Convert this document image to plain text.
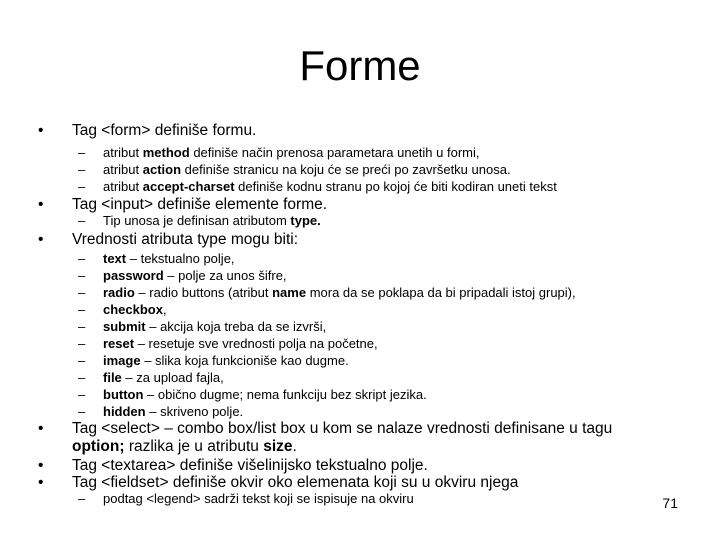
Forme
•	Tag <form> definiše formu.
–	atribut method definiše način prenosa parametara unetih u formi,
–	atribut action definiše stranicu na koju će se preći po završetku unosa.
–	atribut accept-charset definiše kodnu stranu po kojoj će biti kodiran uneti tekst
•	Tag <input> definiše elemente forme.
–	Tip unosa je definisan atributom type.
•	Vrednosti atributa type mogu biti:
–	text – tekstualno polje,
–	password – polje za unos šifre,
–	radio – radio buttons (atribut name mora da se poklapa da bi pripadali istoj grupi),
–	checkbox,
–	submit – akcija koja treba da se izvrši,
–	reset – resetuje sve vrednosti polja na početne,
–	image – slika koja funkcioniše kao dugme.
–	file – za upload fajla,
–	button – obično dugme; nema funkciju bez skript jezika.
–	hidden – skriveno polje.
•	Tag <select> – combo box/list box u kom se nalaze vrednosti definisane u tagu option; razlika je u atributu size.
•	Tag <textarea> definiše višelinijsko tekstualno polje.
•	Tag <fieldset> definiše okvir oko elemenata koji su u okviru njega
–	podtag <legend> sadrži tekst koji se ispisuje na okviru	71
